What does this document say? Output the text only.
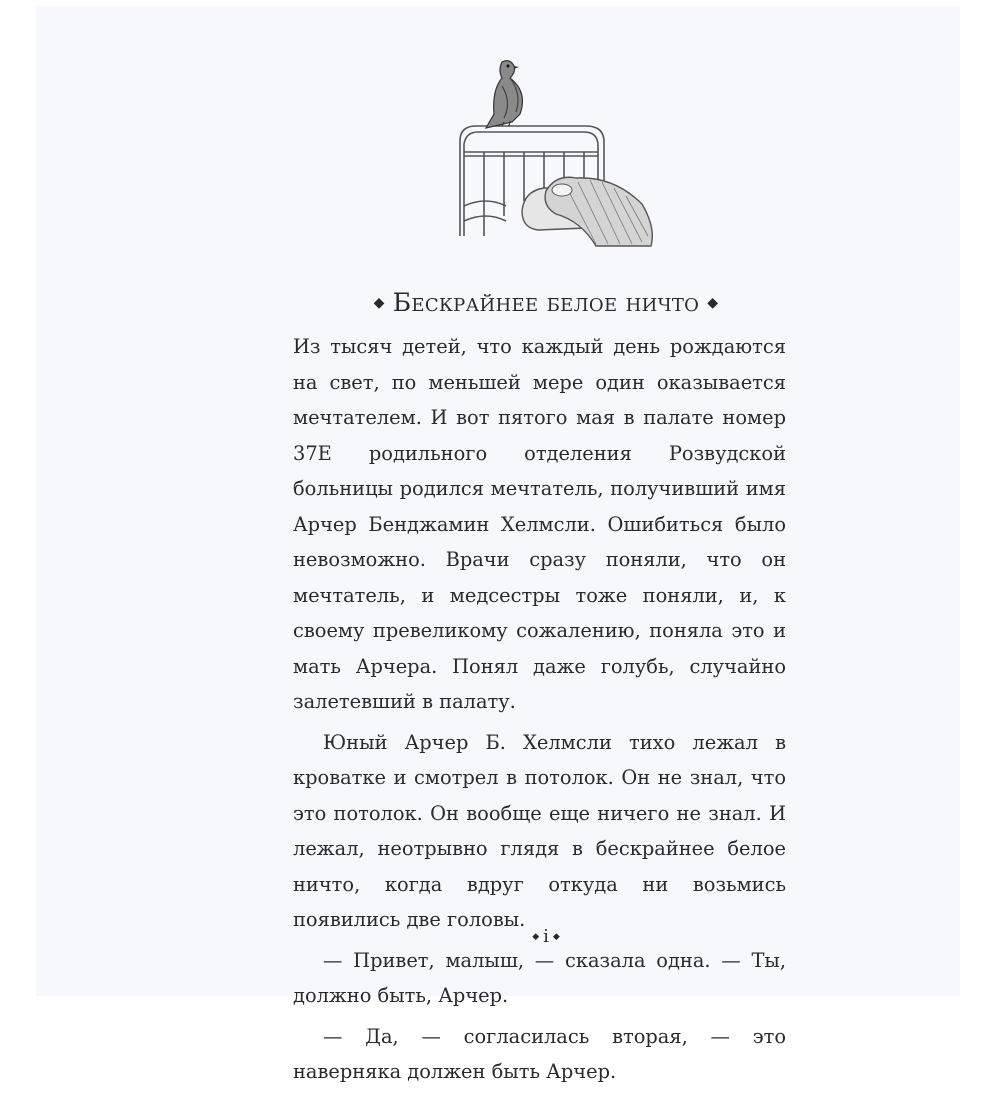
◆ Бескрайнее белое ничто ◆

Из тысяч детей, что каждый день рождаются на свет, по меньшей мере один оказывается мечтателем. И вот пятого мая в палате номер 37Е родильного отделения Розвудской больницы родился мечтатель, получивший имя Арчер Бенджамин Хелмсли. Ошибиться было невозможно. Врачи сразу поняли, что он мечтатель, и медсестры тоже поняли, и, к своему превеликому сожалению, поняла это и мать Арчера. Понял даже голубь, случайно залетевший в палату.

Юный Арчер Б. Хелмсли тихо лежал в кроватке и смотрел в потолок. Он не знал, что это потолок. Он вообще еще ничего не знал. И лежал, неотрывно глядя в бескрайнее белое ничто, когда вдруг откуда ни возьмись появились две головы.

— Привет, малыш, — сказала одна. — Ты, должно быть, Арчер.

— Да, — согласилась вторая, — это наверняка должен быть Арчер.

◆ i ◆
